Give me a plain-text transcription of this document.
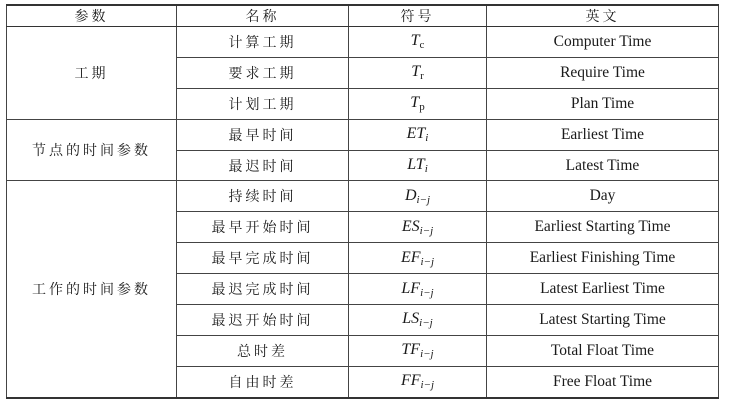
参数	名称	符号	英文
工期	计算工期	$T_c$	Computer Time
	要求工期	$T_r$	Require Time
	计划工期	$T_p$	Plan Time
节点的时间参数	最早时间	$ET_i$	Earliest Time
	最迟时间	$LT_i$	Latest Time
工作的时间参数	持续时间	$D_{i-j}$	Day
	最早开始时间	$ES_{i-j}$	Earliest Starting Time
	最早完成时间	$EF_{i-j}$	Earliest Finishing Time
	最迟完成时间	$LF_{i-j}$	Latest Earliest Time
	最迟开始时间	$LS_{i-j}$	Latest Starting Time
	总时差	$TF_{i-j}$	Total Float Time
	自由时差	$FF_{i-j}$	Free Float Time
